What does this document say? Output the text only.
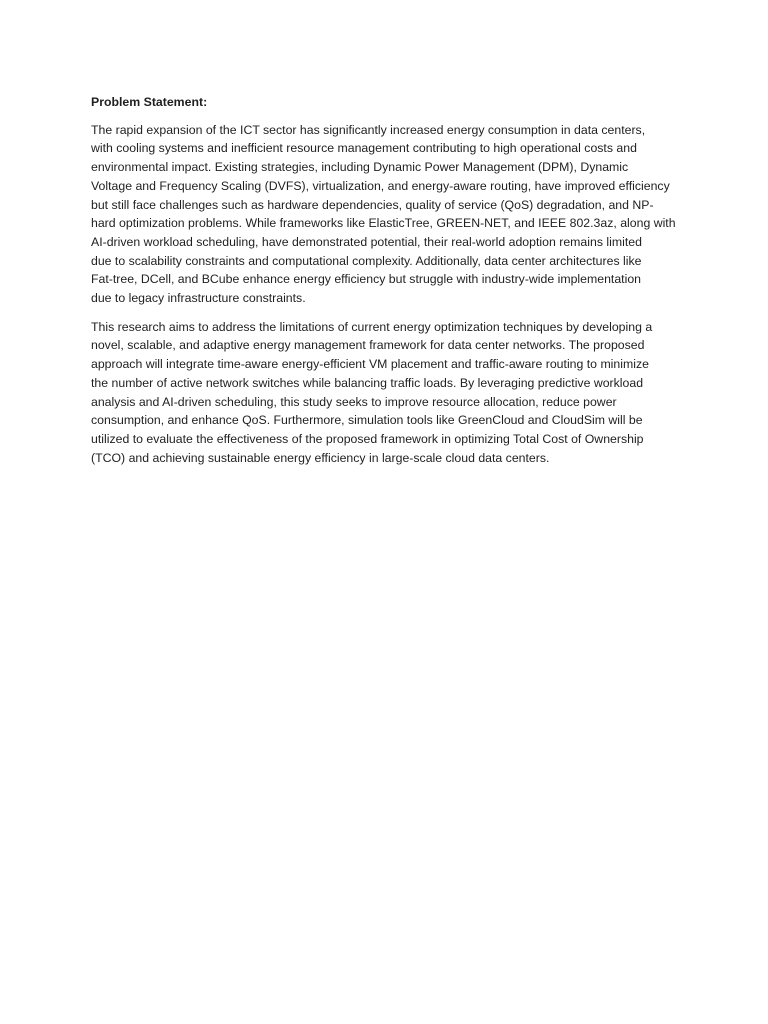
Problem Statement:
The rapid expansion of the ICT sector has significantly increased energy consumption in data centers,
with cooling systems and inefficient resource management contributing to high operational costs and
environmental impact. Existing strategies, including Dynamic Power Management (DPM), Dynamic
Voltage and Frequency Scaling (DVFS), virtualization, and energy-aware routing, have improved efficiency
but still face challenges such as hardware dependencies, quality of service (QoS) degradation, and NP-
hard optimization problems. While frameworks like ElasticTree, GREEN-NET, and IEEE 802.3az, along with
AI-driven workload scheduling, have demonstrated potential, their real-world adoption remains limited
due to scalability constraints and computational complexity. Additionally, data center architectures like
Fat-tree, DCell, and BCube enhance energy efficiency but struggle with industry-wide implementation
due to legacy infrastructure constraints.
This research aims to address the limitations of current energy optimization techniques by developing a
novel, scalable, and adaptive energy management framework for data center networks. The proposed
approach will integrate time-aware energy-efficient VM placement and traffic-aware routing to minimize
the number of active network switches while balancing traffic loads. By leveraging predictive workload
analysis and AI-driven scheduling, this study seeks to improve resource allocation, reduce power
consumption, and enhance QoS. Furthermore, simulation tools like GreenCloud and CloudSim will be
utilized to evaluate the effectiveness of the proposed framework in optimizing Total Cost of Ownership
(TCO) and achieving sustainable energy efficiency in large-scale cloud data centers.
